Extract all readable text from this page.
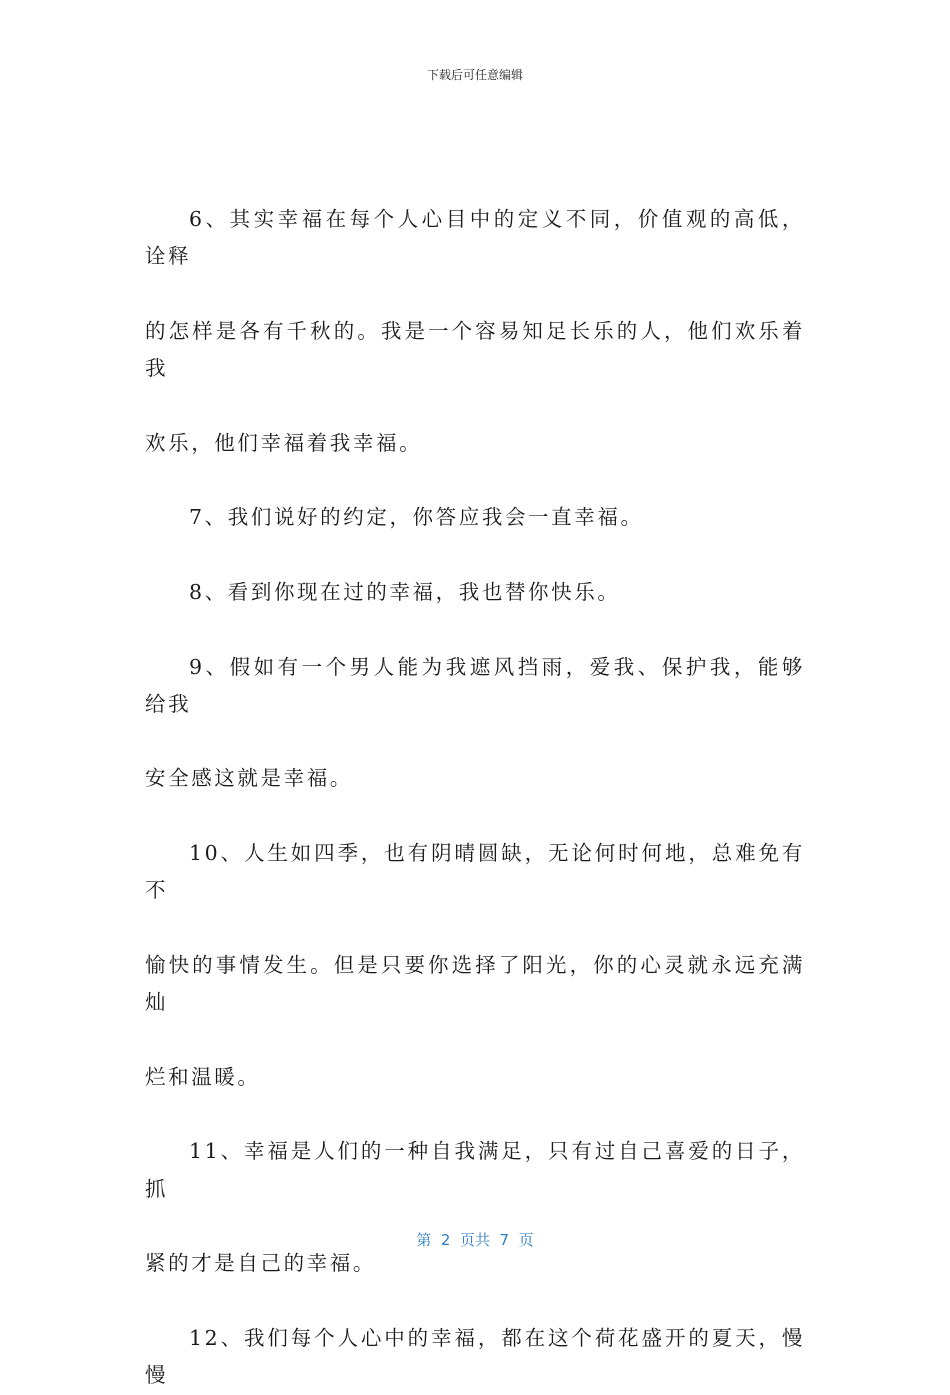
下载后可任意编辑

6、其实幸福在每个人心目中的定义不同，价值观的高低，诠释
的怎样是各有千秋的。我是一个容易知足长乐的人，他们欢乐着我
欢乐，他们幸福着我幸福。

7、我们说好的约定，你答应我会一直幸福。

8、看到你现在过的幸福，我也替你快乐。

9、假如有一个男人能为我遮风挡雨，爱我、保护我，能够给我
安全感这就是幸福。

10、人生如四季，也有阴晴圆缺，无论何时何地，总难免有不
愉快的事情发生。但是只要你选择了阳光，你的心灵就永远充满灿
烂和温暖。

11、幸福是人们的一种自我满足，只有过自己喜爱的日子，抓
紧的才是自己的幸福。

12、我们每个人心中的幸福，都在这个荷花盛开的夏天，慢慢

第  2  页共  7  页
